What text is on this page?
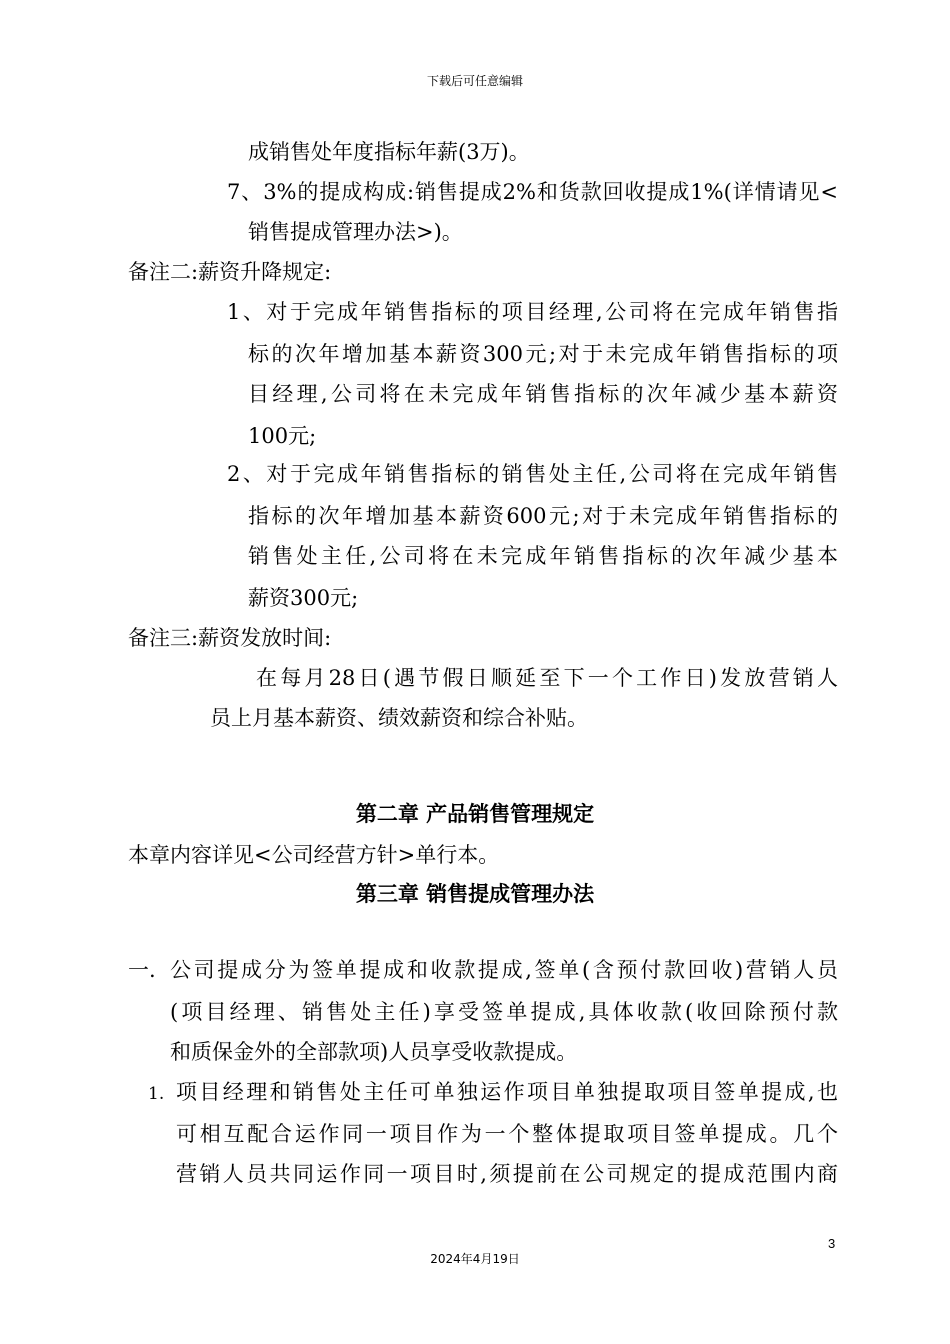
下载后可任意编辑
成销售处年度指标年薪(3万)。
7、3%的提成构成:销售提成2%和货款回收提成1%(详情请见<
销售提成管理办法>)。
备注二:薪资升降规定:
1、对于完成年销售指标的项目经理,公司将在完成年销售指
标的次年增加基本薪资300元;对于未完成年销售指标的项
目经理,公司将在未完成年销售指标的次年减少基本薪资
100元;
2、对于完成年销售指标的销售处主任,公司将在完成年销售
指标的次年增加基本薪资600元;对于未完成年销售指标的
销售处主任,公司将在未完成年销售指标的次年减少基本
薪资300元;
备注三:薪资发放时间:
在每月28日(遇节假日顺延至下一个工作日)发放营销人
员上月基本薪资、绩效薪资和综合补贴。
第二章 产品销售管理规定
本章内容详见<公司经营方针>单行本。
第三章 销售提成管理办法
一. 公司提成分为签单提成和收款提成,签单(含预付款回收)营销人员
(项目经理、销售处主任)享受签单提成,具体收款(收回除预付款
和质保金外的全部款项)人员享受收款提成。
1. 项目经理和销售处主任可单独运作项目单独提取项目签单提成,也
可相互配合运作同一项目作为一个整体提取项目签单提成。几个
营销人员共同运作同一项目时,须提前在公司规定的提成范围内商
3
2024年4月19日
